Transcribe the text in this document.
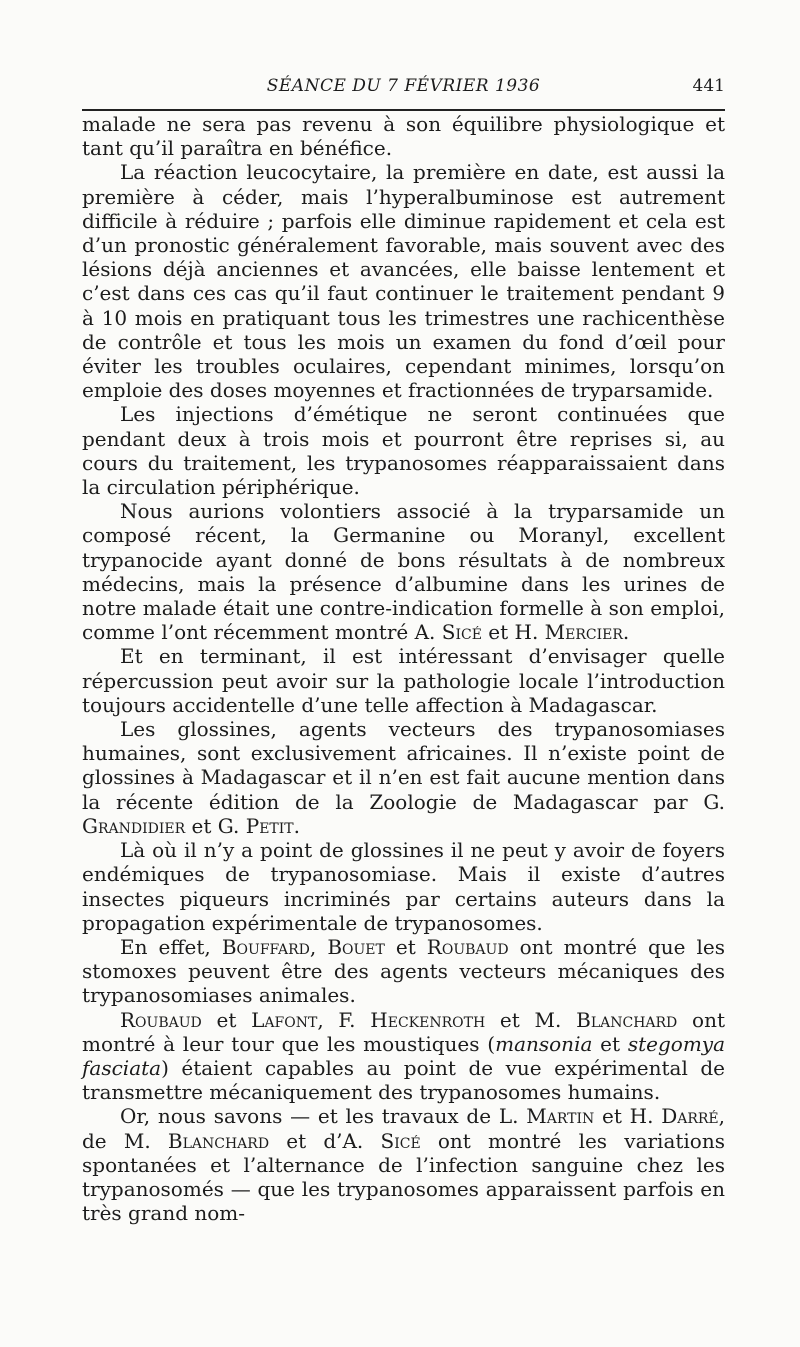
SÉANCE DU 7 FÉVRIER 1936	441

malade ne sera pas revenu à son équilibre physiologique et tant qu’il paraîtra en bénéfice.

La réaction leucocytaire, la première en date, est aussi la première à céder, mais l’hyperalbuminose est autrement difficile à réduire ; parfois elle diminue rapidement et cela est d’un pronostic généralement favorable, mais souvent avec des lésions déjà anciennes et avancées, elle baisse lentement et c’est dans ces cas qu’il faut continuer le traitement pendant 9 à 10 mois en pratiquant tous les trimestres une rachicenthèse de contrôle et tous les mois un examen du fond d’œil pour éviter les troubles oculaires, cependant minimes, lorsqu’on emploie des doses moyennes et fractionnées de tryparsamide.

Les injections d’émétique ne seront continuées que pendant deux à trois mois et pourront être reprises si, au cours du traitement, les trypanosomes réapparaissaient dans la circulation périphérique.

Nous aurions volontiers associé à la tryparsamide un composé récent, la Germanine ou Moranyl, excellent trypanocide ayant donné de bons résultats à de nombreux médecins, mais la présence d’albumine dans les urines de notre malade était une contre-indication formelle à son emploi, comme l’ont récemment montré A. Sicé et H. Mercier.

Et en terminant, il est intéressant d’envisager quelle répercussion peut avoir sur la pathologie locale l’introduction toujours accidentelle d’une telle affection à Madagascar.

Les glossines, agents vecteurs des trypanosomiases humaines, sont exclusivement africaines. Il n’existe point de glossines à Madagascar et il n’en est fait aucune mention dans la récente édition de la Zoologie de Madagascar par G. Grandidier et G. Petit.

Là où il n’y a point de glossines il ne peut y avoir de foyers endémiques de trypanosomiase. Mais il existe d’autres insectes piqueurs incriminés par certains auteurs dans la propagation expérimentale de trypanosomes.

En effet, Bouffard, Bouet et Roubaud ont montré que les stomoxes peuvent être des agents vecteurs mécaniques des trypanosomiases animales.

Roubaud et Lafont, F. Heckenroth et M. Blanchard ont montré à leur tour que les moustiques (mansonia et stegomya fasciata) étaient capables au point de vue expérimental de transmettre mécaniquement des trypanosomes humains.

Or, nous savons — et les travaux de L. Martin et H. Darré, de M. Blanchard et d’A. Sicé ont montré les variations spontanées et l’alternance de l’infection sanguine chez les trypanosomés — que les trypanosomes apparaissent parfois en très grand nom-
